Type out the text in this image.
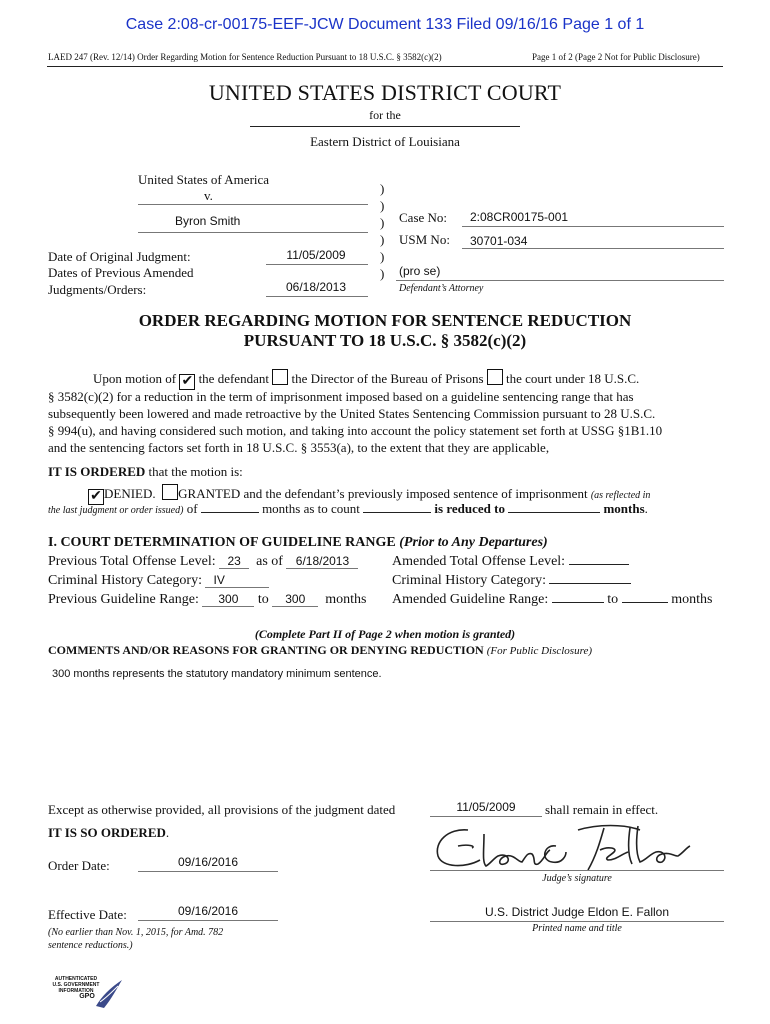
Case 2:08-cr-00175-EEF-JCW Document 133 Filed 09/16/16 Page 1 of 1
LAED 247 (Rev. 12/14) Order Regarding Motion for Sentence Reduction Pursuant to 18 U.S.C. § 3582(c)(2)	Page 1 of 2 (Page 2 Not for Public Disclosure)
UNITED STATES DISTRICT COURT
for the
Eastern District of Louisiana
United States of America
v.
Byron Smith
Date of Original Judgment:	11/05/2009
Dates of Previous Amended
Judgments/Orders:	06/18/2013
)
)
)
)
)
)
Case No: 2:08CR00175-001
USM No: 30701-034
(pro se)
Defendant’s Attorney
ORDER REGARDING MOTION FOR SENTENCE REDUCTION
PURSUANT TO 18 U.S.C. § 3582(c)(2)
Upon motion of ✔ the defendant the Director of the Bureau of Prisons the court under 18 U.S.C.
§ 3582(c)(2) for a reduction in the term of imprisonment imposed based on a guideline sentencing range that has
subsequently been lowered and made retroactive by the United States Sentencing Commission pursuant to 28 U.S.C.
§ 994(u), and having considered such motion, and taking into account the policy statement set forth at USSG §1B1.10
and the sentencing factors set forth in 18 U.S.C. § 3553(a), to the extent that they are applicable,
IT IS ORDERED that the motion is:
✔ DENIED. GRANTED and the defendant’s previously imposed sentence of imprisonment (as reflected in
the last judgment or order issued) of	months as to count	is reduced to	months.
I. COURT DETERMINATION OF GUIDELINE RANGE (Prior to Any Departures)
Previous Total Offense Level: 23 as of 6/18/2013
Criminal History Category: IV
Previous Guideline Range: 300 to 300 months
Amended Total Offense Level:
Criminal History Category:
Amended Guideline Range:	to	months
(Complete Part II of Page 2 when motion is granted)
COMMENTS AND/OR REASONS FOR GRANTING OR DENYING REDUCTION (For Public Disclosure)
300 months represents the statutory mandatory minimum sentence.
Except as otherwise provided, all provisions of the judgment dated	11/05/2009	shall remain in effect.
IT IS SO ORDERED.
Judge’s signature
Order Date:	09/16/2016
Effective Date:	09/16/2016	U.S. District Judge Eldon E. Fallon
Printed name and title
(No earlier than Nov. 1, 2015, for Amd. 782
sentence reductions.)
AUTHENTICATED
U.S. GOVERNMENT
INFORMATION
GPO
